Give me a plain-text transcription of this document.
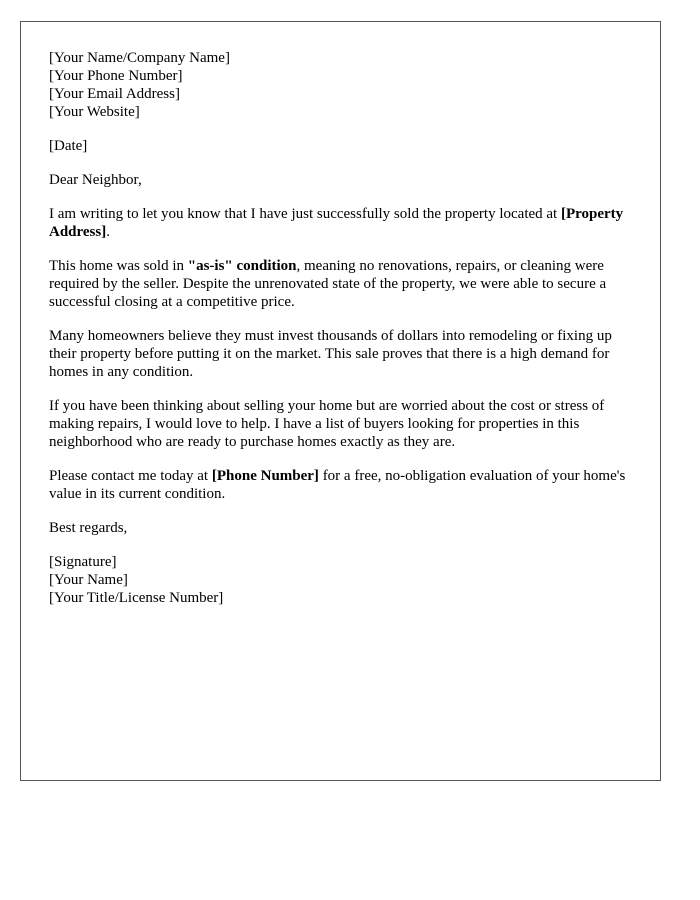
[Your Name/Company Name]
[Your Phone Number]
[Your Email Address]
[Your Website]

[Date]

Dear Neighbor,

I am writing to let you know that I have just successfully sold the property located at [Property Address].

This home was sold in "as-is" condition, meaning no renovations, repairs, or cleaning were required by the seller. Despite the unrenovated state of the property, we were able to secure a successful closing at a competitive price.

Many homeowners believe they must invest thousands of dollars into remodeling or fixing up their property before putting it on the market. This sale proves that there is a high demand for homes in any condition.

If you have been thinking about selling your home but are worried about the cost or stress of making repairs, I would love to help. I have a list of buyers looking for properties in this neighborhood who are ready to purchase homes exactly as they are.

Please contact me today at [Phone Number] for a free, no-obligation evaluation of your home's value in its current condition.

Best regards,

[Signature]
[Your Name]
[Your Title/License Number]
